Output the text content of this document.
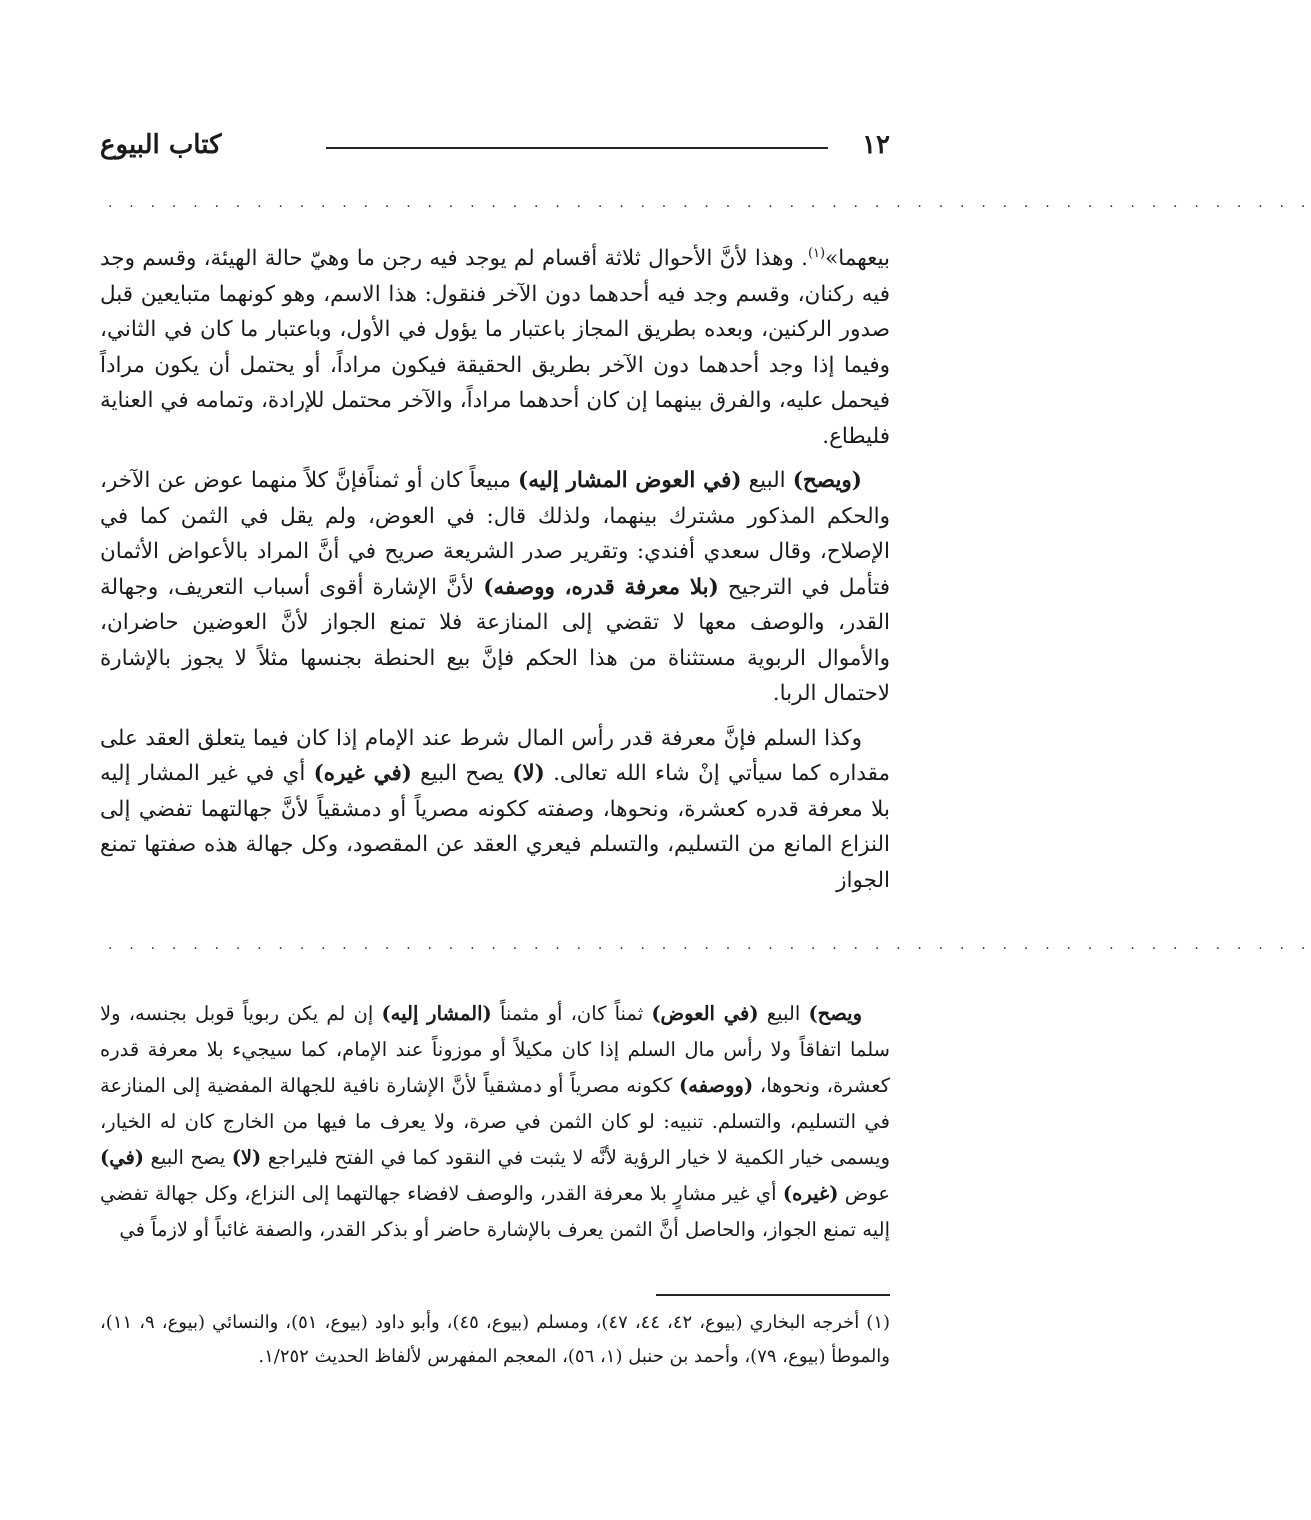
١٢
كتاب البيوع
. . . . . . . . . . . . . . . . . . . . . . . . . . . . . . . . . . . . . . . . . . . . . . . . . . . . . . . . .

بيعهما»$^{(١)}$. وهذا لأنَّ الأحوال ثلاثة أقسام لم يوجد فيه رجن ما وهيّ حالة الهيئة، وقسم وجد فيه ركنان، وقسم وجد فيه أحدهما دون الآخر فنقول: هذا الاسم، وهو كونهما متبايعين قبل صدور الركنين، وبعده بطريق المجاز باعتبار ما يؤول في الأول، وباعتبار ما كان في الثاني، وفيما إذا وجد أحدهما دون الآخر بطريق الحقيقة فيكون مراداً، أو يحتمل أن يكون مراداً فيحمل عليه، والفرق بينهما إن كان أحدهما مراداً، والآخر محتمل للإرادة، وتمامه في العناية فليطاع.

(ويصح) البيع (في العوض المشار إليه) مبيعاً كان أو ثمناًفإنَّ كلاً منهما عوض عن الآخر، والحكم المذكور مشترك بينهما، ولذلك قال: في العوض، ولم يقل في الثمن كما في الإصلاح، وقال سعدي أفندي: وتقرير صدر الشريعة صريح في أنَّ المراد بالأعواض الأثمان فتأمل في الترجيح (بلا معرفة قدره، ووصفه) لأنَّ الإشارة أقوى أسباب التعريف، وجهالة القدر، والوصف معها لا تقضي إلى المنازعة فلا تمنع الجواز لأنَّ العوضين حاضران، والأموال الربوية مستثناة من هذا الحكم فإنَّ بيع الحنطة بجنسها مثلاً لا يجوز بالإشارة لاحتمال الربا.

وكذا السلم فإنَّ معرفة قدر رأس المال شرط عند الإمام إذا كان فيما يتعلق العقد على مقداره كما سيأتي إنْ شاء الله تعالى. (لا) يصح البيع (في غيره) أي في غير المشار إليه بلا معرفة قدره كعشرة، ونحوها، وصفته ككونه مصرياً أو دمشقياً لأنَّ جهالتهما تفضي إلى النزاع المانع من التسليم، والتسلم فيعري العقد عن المقصود، وكل جهالة هذه صفتها تمنع الجواز

. . . . . . . . . . . . . . . . . . . . . . . . . . . . . . . . . . . . . . . . . . . . . . . . . . . . . . . . .

ويصح) البيع (في العوض) ثمناً كان، أو مثمناً (المشار إليه) إن لم يكن ربوياً قوبل بجنسه، ولا سلما اتفاقاً ولا رأس مال السلم إذا كان مكيلاً أو موزوناً عند الإمام، كما سيجيء بلا معرفة قدره كعشرة، ونحوها، (ووصفه) ككونه مصرياً أو دمشقياً لأنَّ الإشارة نافية للجهالة المفضية إلى المنازعة في التسليم، والتسلم. تنبيه: لو كان الثمن في صرة، ولا يعرف ما فيها من الخارج كان له الخيار، ويسمى خيار الكمية لا خيار الرؤية لأنَّه لا يثبت في النقود كما في الفتح فليراجع (لا) يصح البيع (في) عوض (غيره) أي غير مشارٍ بلا معرفة القدر، والوصف لافضاء جهالتهما إلى النزاع، وكل جهالة تفضي إليه تمنع الجواز، والحاصل أنَّ الثمن يعرف بالإشارة حاضر أو بذكر القدر، والصفة غائباً أو لازماً في

(١) أخرجه البخاري (بيوع، ٤٢، ٤٤، ٤٧)، ومسلم (بيوع، ٤٥)، وأبو داود (بيوع، ٥١)، والنسائي (بيوع، ٩، ١١)، والموطأ (بيوع، ٧٩)، وأحمد بن حنبل (١، ٥٦)، المعجم المفهرس لألفاظ الحديث ١/٢٥٢.
